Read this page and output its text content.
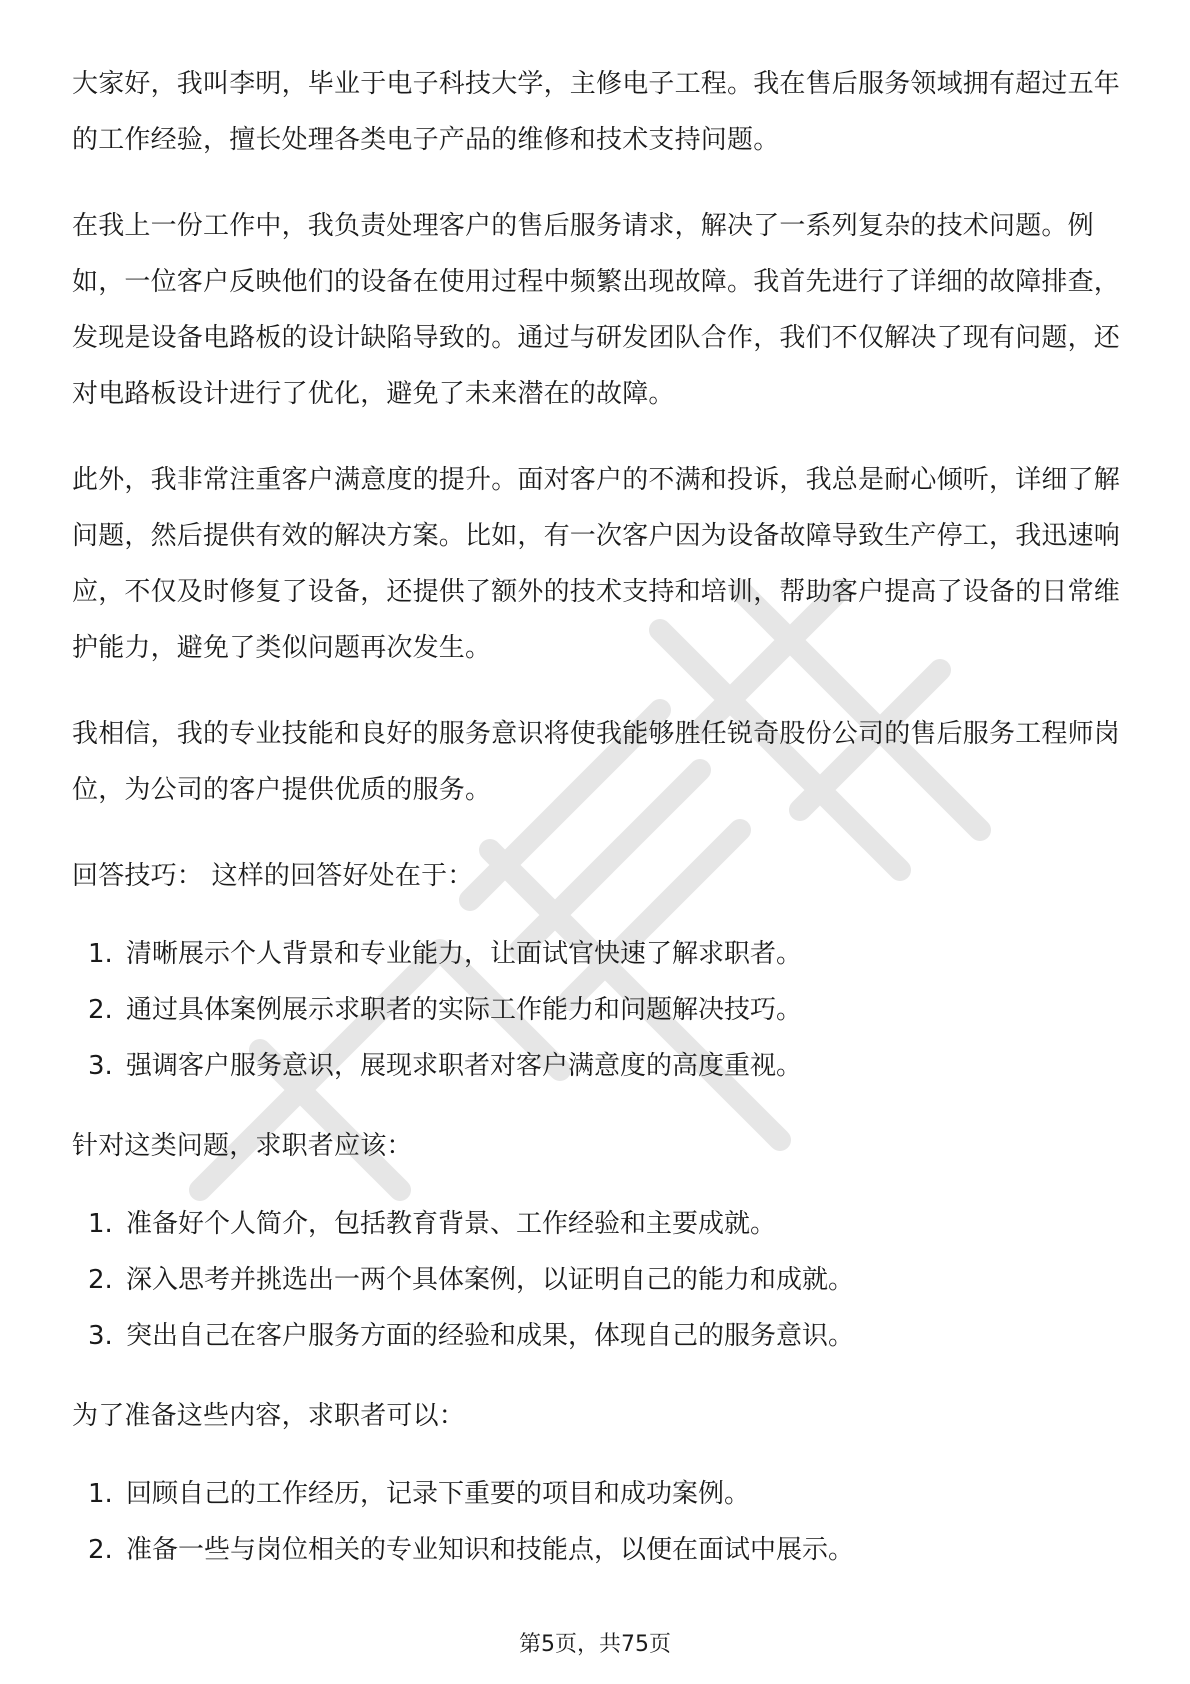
大家好，我叫李明，毕业于电子科技大学，主修电子工程。我在售后服务领域拥有超过五年的工作经验，擅长处理各类电子产品的维修和技术支持问题。

在我上一份工作中，我负责处理客户的售后服务请求，解决了一系列复杂的技术问题。例如，一位客户反映他们的设备在使用过程中频繁出现故障。我首先进行了详细的故障排查，发现是设备电路板的设计缺陷导致的。通过与研发团队合作，我们不仅解决了现有问题，还对电路板设计进行了优化，避免了未来潜在的故障。

此外，我非常注重客户满意度的提升。面对客户的不满和投诉，我总是耐心倾听，详细了解问题，然后提供有效的解决方案。比如，有一次客户因为设备故障导致生产停工，我迅速响应，不仅及时修复了设备，还提供了额外的技术支持和培训，帮助客户提高了设备的日常维护能力，避免了类似问题再次发生。

我相信，我的专业技能和良好的服务意识将使我能够胜任锐奇股份公司的售后服务工程师岗位，为公司的客户提供优质的服务。

回答技巧： 这样的回答好处在于：

1. 清晰展示个人背景和专业能力，让面试官快速了解求职者。
2. 通过具体案例展示求职者的实际工作能力和问题解决技巧。
3. 强调客户服务意识，展现求职者对客户满意度的高度重视。

针对这类问题，求职者应该：

1. 准备好个人简介，包括教育背景、工作经验和主要成就。
2. 深入思考并挑选出一两个具体案例，以证明自己的能力和成就。
3. 突出自己在客户服务方面的经验和成果，体现自己的服务意识。

为了准备这些内容，求职者可以：

1. 回顾自己的工作经历，记录下重要的项目和成功案例。
2. 准备一些与岗位相关的专业知识和技能点，以便在面试中展示。
第5页，共75页
